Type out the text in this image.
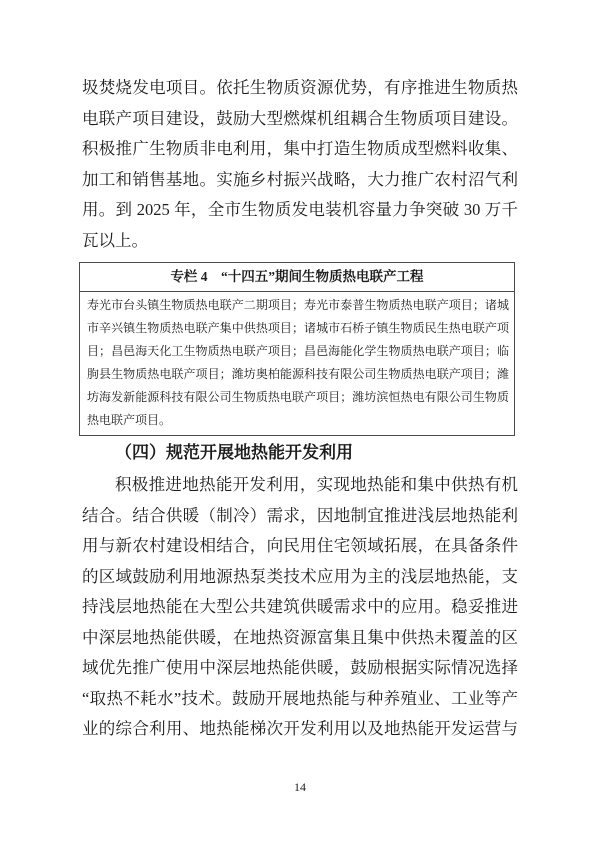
圾焚烧发电项目。依托生物质资源优势，有序推进生物质热
电联产项目建设，鼓励大型燃煤机组耦合生物质项目建设。
积极推广生物质非电利用，集中打造生物质成型燃料收集、
加工和销售基地。实施乡村振兴战略，大力推广农村沼气利
用。到 2025 年，全市生物质发电装机容量力争突破 30 万千
瓦以上。
专栏 4　“十四五”期间生物质热电联产工程
寿光市台头镇生物质热电联产二期项目；寿光市泰普生物质热电联产项目；诸城
市辛兴镇生物质热电联产集中供热项目；诸城市石桥子镇生物质民生热电联产项
目；昌邑海天化工生物质热电联产项目；昌邑海能化学生物质热电联产项目；临
朐县生物质热电联产项目；潍坊奥柏能源科技有限公司生物质热电联产项目；潍
坊海发新能源科技有限公司生物质热电联产项目；潍坊滨恒热电有限公司生物质
热电联产项目。
（四）规范开展地热能开发利用
积极推进地热能开发利用，实现地热能和集中供热有机
结合。结合供暖（制冷）需求，因地制宜推进浅层地热能利
用与新农村建设相结合，向民用住宅领域拓展，在具备条件
的区域鼓励利用地源热泵类技术应用为主的浅层地热能，支
持浅层地热能在大型公共建筑供暖需求中的应用。稳妥推进
中深层地热能供暖，在地热资源富集且集中供热未覆盖的区
域优先推广使用中深层地热能供暖，鼓励根据实际情况选择
“取热不耗水”技术。鼓励开展地热能与种养殖业、工业等产
业的综合利用、地热能梯次开发利用以及地热能开发运营与
14
